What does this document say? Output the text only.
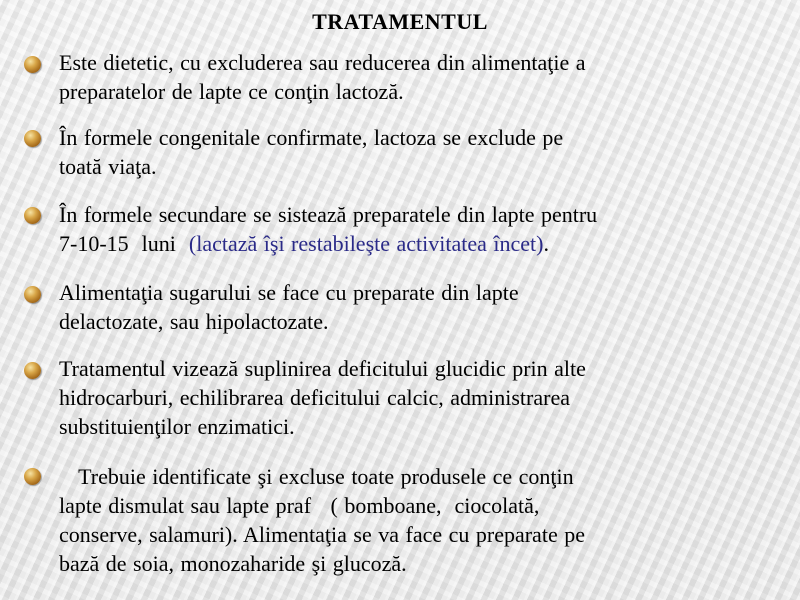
TRATAMENTUL
Este dietetic, cu excluderea sau reducerea din alimentaţie a
preparatelor de lapte ce conţin lactoză.
În formele congenitale confirmate, lactoza se exclude pe
toată viaţa.
În formele secundare se sistează preparatele din lapte pentru
7-10-15  luni  (lactază îşi restabileşte activitatea încet).
Alimentaţia sugarului se face cu preparate din lapte
delactozate, sau hipolactozate.
Tratamentul vizează suplinirea deficitului glucidic prin alte
hidrocarburi, echilibrarea deficitului calcic, administrarea
substituienţilor enzimatici.
Trebuie identificate şi excluse toate produsele ce conţin
lapte dismulat sau lapte praf   ( bomboane,  ciocolată,
conserve, salamuri). Alimentaţia se va face cu preparate pe
bază de soia, monozaharide şi glucoză.
